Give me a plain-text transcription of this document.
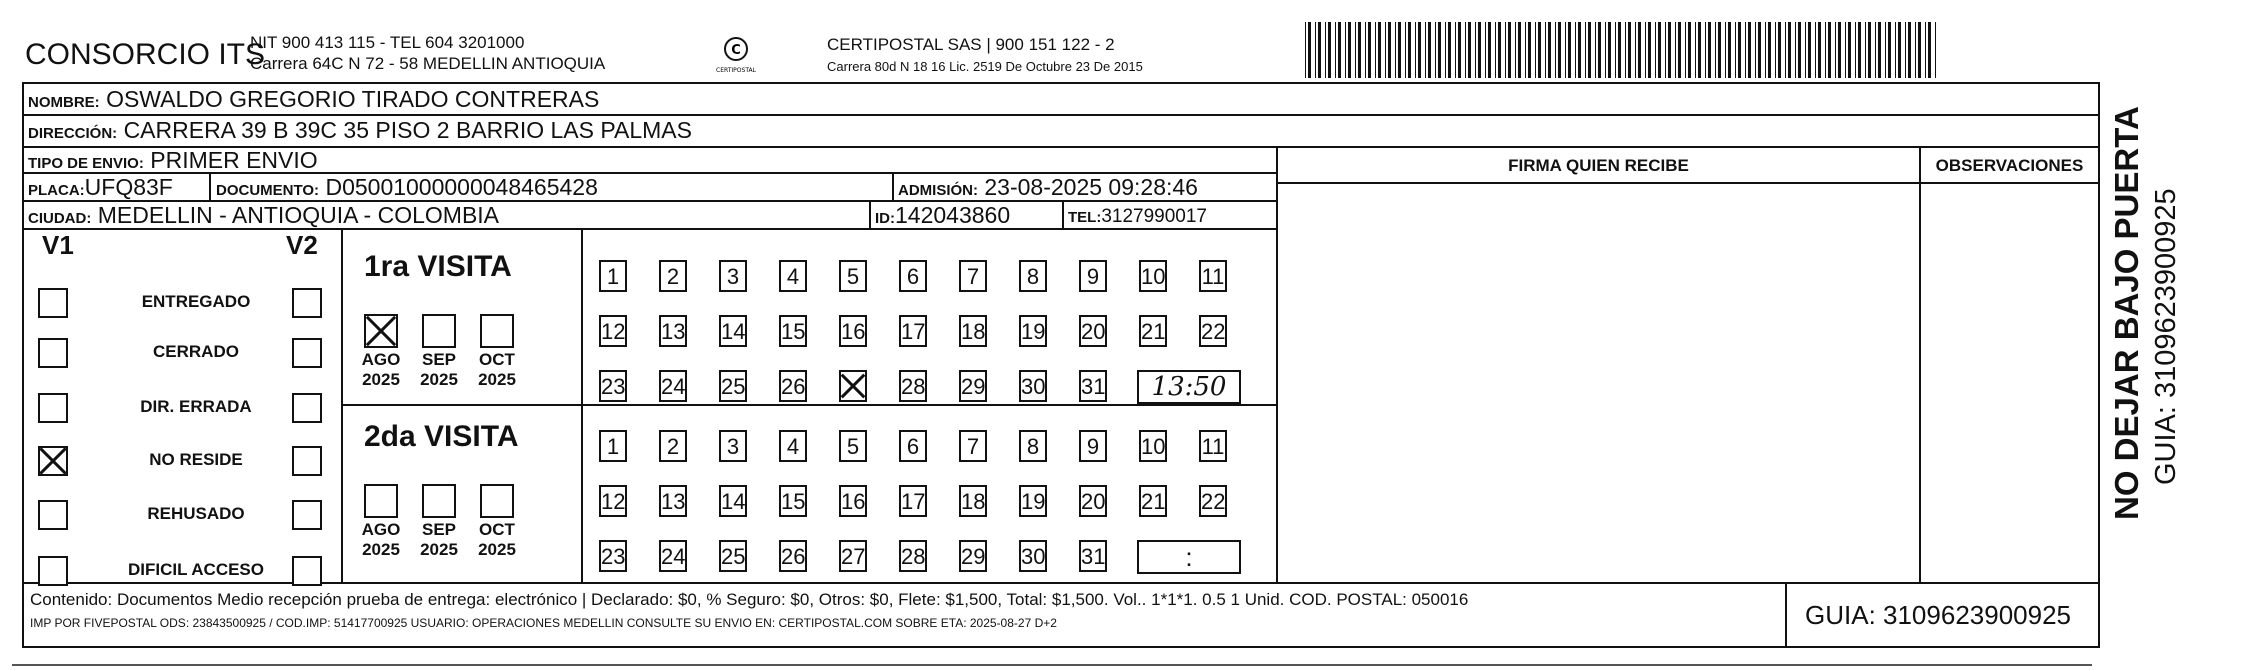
CONSORCIO ITS
NIT 900 413 115 - TEL 604 3201000
Carrera 64C N 72 - 58 MEDELLIN ANTIOQUIA
C
CERTIPOSTAL
CERTIPOSTAL SAS | 900 151 122 - 2
Carrera 80d N 18 16 Lic. 2519 De Octubre 23 De 2015
NOMBRE: OSWALDO GREGORIO TIRADO CONTRERAS
DIRECCIÓN: CARRERA 39 B 39C 35 PISO 2 BARRIO LAS PALMAS
TIPO DE ENVIO: PRIMER ENVIO
PLACA:UFQ83F	DOCUMENTO: D05001000000048465428	ADMISIÓN: 23-08-2025 09:28:46
CIUDAD: MEDELLIN - ANTIOQUIA - COLOMBIA	ID:142043860	TEL:3127990017
FIRMA QUIEN RECIBE	OBSERVACIONES
V1	V2
ENTREGADO
CERRADO
DIR. ERRADA
NO RESIDE
REHUSADO
DIFICIL ACCESO
1ra VISITA
2da VISITA
AGO
2025
SEP
2025
OCT
2025
AGO
2025
SEP
2025
OCT
2025
1	2	3	4	5	6	7	8	9	10 11
12 13 14 15 16 17 18 19 20 21 22
23 24 25 26	28 29 30 31	13:50
1	2	3	4	5	6	7	8	9	10 11
12 13 14 15 16 17 18 19 20 21 22
23 24 25 26 27 28 29 30 31	:
GUIA: 3109623900925
Contenido: Documentos Medio recepción prueba de entrega: electrónico | Declarado: $0, % Seguro: $0, Otros: $0, Flete: $1,500, Total: $1,500. Vol.. 1*1*1. 0.5 1 Unid. COD. POSTAL: 050016
IMP POR FIVEPOSTAL ODS: 23843500925 / COD.IMP: 51417700925 USUARIO: OPERACIONES MEDELLIN CONSULTE SU ENVIO EN: CERTIPOSTAL.COM SOBRE ETA: 2025-08-27 D+2
NO DEJAR BAJO PUERTA GUIA: 3109623900925
